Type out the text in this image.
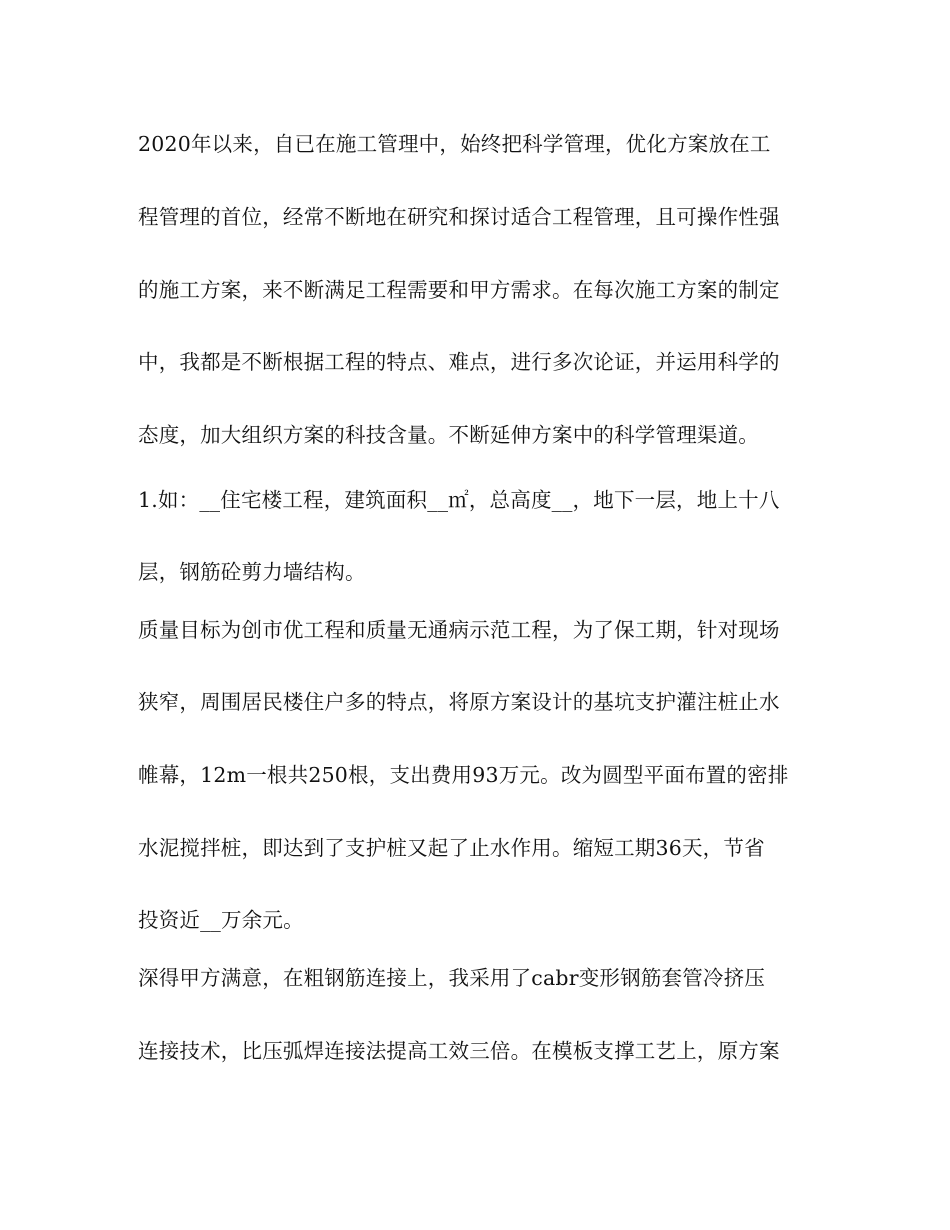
2020年以来，自已在施工管理中，始终把科学管理，优化方案放在工
程管理的首位，经常不断地在研究和探讨适合工程管理，且可操作性强
的施工方案，来不断满足工程需要和甲方需求。在每次施工方案的制定
中，我都是不断根据工程的特点、难点，进行多次论证，并运用科学的
态度，加大组织方案的科技含量。不断延伸方案中的科学管理渠道。
1.如：__住宅楼工程，建筑面积__㎡，总高度__，地下一层，地上十八
层，钢筋砼剪力墙结构。
质量目标为创市优工程和质量无通病示范工程，为了保工期，针对现场
狭窄，周围居民楼住户多的特点，将原方案设计的基坑支护灌注桩止水
帷幕，12m一根共250根，支出费用93万元。改为圆型平面布置的密排
水泥搅拌桩，即达到了支护桩又起了止水作用。缩短工期36天，节省
投资近__万余元。
深得甲方满意，在粗钢筋连接上，我采用了cabr变形钢筋套管冷挤压
连接技术，比压弧焊连接法提高工效三倍。在模板支撑工艺上，原方案
